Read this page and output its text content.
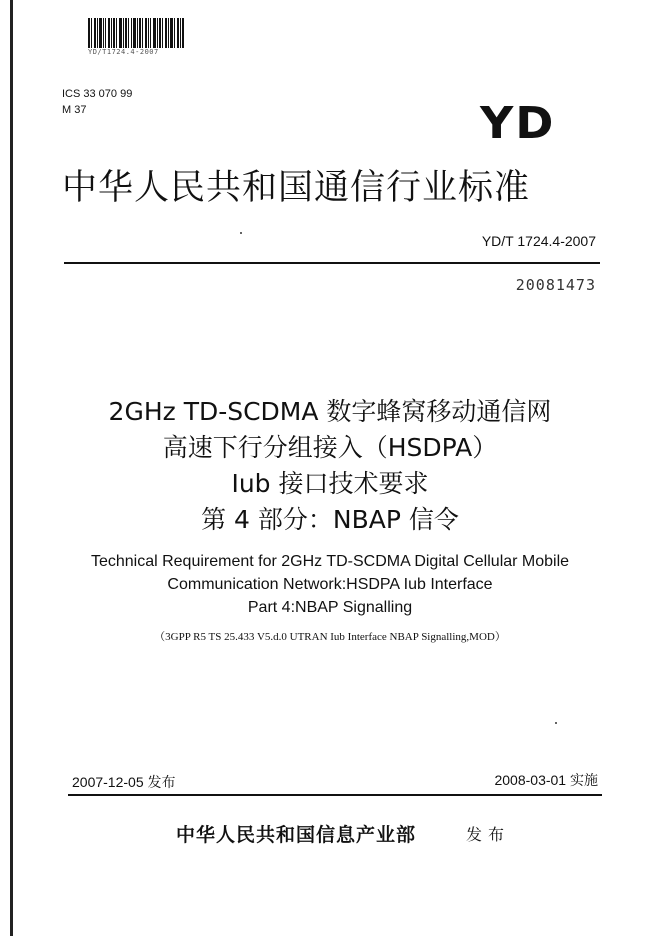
YD/T1724.4-2007
ICS 33 070 99
M 37	YD
中华人民共和国通信行业标准
YD/T 1724.4-2007
20081473
2GHz TD-SCDMA 数字蜂窝移动通信网
高速下行分组接入（HSDPA）
Iub 接口技术要求
第 4 部分：NBAP 信令
Technical Requirement for 2GHz TD-SCDMA Digital Cellular Mobile
Communication Network:HSDPA Iub Interface
Part 4:NBAP Signalling
（3GPP R5 TS 25.433 V5.d.0 UTRAN Iub Interface NBAP Signalling,MOD）
2007-12-05 发布	2008-03-01 实施
中华人民共和国信息产业部	发布
